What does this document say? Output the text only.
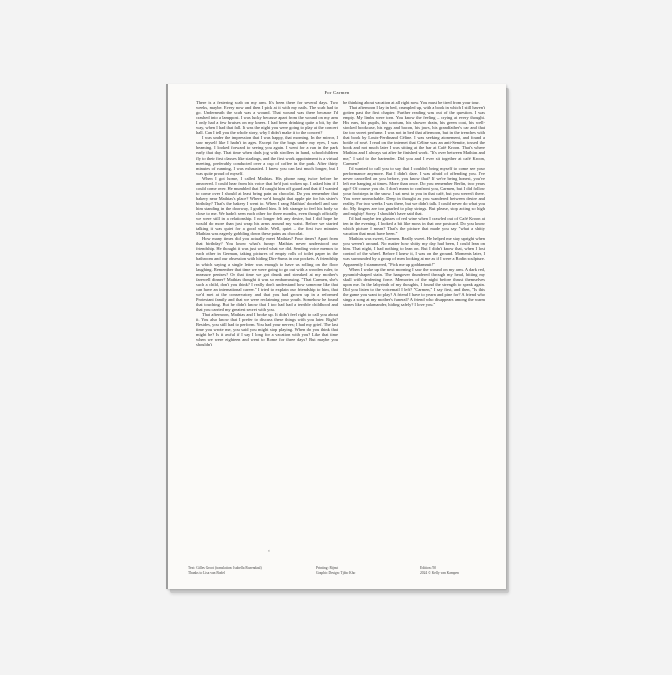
For Carmen

There is a festering scab on my arm. It's been there for several days. Two weeks, maybe. Every now and then I pick at it with my nails. The scab had to go. Underneath the scab was a wound. That wound was there because I'd crashed into a lamppost. I was lucky because apart from the wound on my arm I only had a few bruises on my knees. I had been drinking quite a bit, by the way, when I had that fall. It was the night you were going to play at the concert hall. Can I tell you the whole story, why I didn't make it to the concert?

I was under the impression that I was happy, that morning. In the mirror, I saw myself like I hadn't in ages. Except for the bags under my eyes, I was beaming. I looked forward to seeing you again. I went for a run in the park early that day. That time when dads jog with strollers in hand, schoolchildren fly to their first classes like starlings, and the first work appointment is a virtual meeting, preferably conducted over a cup of coffee in the park. After thirty minutes of running, I was exhausted. I knew you can last much longer, but I was quite proud of myself.

When I got home, I called Mathias. His phone rang twice before he answered. I could hear from his voice that he'd just woken up. I asked him if I could come over. He mumbled that I'd caught him off guard and that if I wanted to come over I should at least bring pain au chocolat. Do you remember that bakery near Mathias's place? Where we'd bought that apple pie for his sister's birthday? That's the bakery I went to. When I rang Mathias' doorbell and saw him standing in the doorway, I grabbed him. It felt strange to feel his body so close to me. We hadn't seen each other for three months, even though officially we were still in a relationship. I no longer felt any desire, but I did hope he would do more than just wrap his arms around my waist. Before we started talking it was quiet for a good while. Well, quiet – the first two minutes Mathias was eagerly gobbling down these pains au chocolat.

How many times did you actually meet Mathias? Four times? Apart from that birthday? You know what's funny: Mathias never understood our friendship. He thought it was just weird what we did. Sending voice memos to each other in German, taking pictures of empty rolls of toilet paper in the bathroom and our obsession with hiding Dirr-Sums in our pockets. A friendship in which saying a single letter was enough to have us rolling on the floor laughing. Remember that time we were going to go out with a wooden ruler, to measure penises? Or that time we got drunk and streaked at my mother's farewell dinner? Mathias thought it was so embarrassing. "That Carmen, she's such a child, don't you think? I really don't understand how someone like that can have an international career." I tried to explain our friendship to him, that we'd met at the conservatory and that you had grown up in a reformed Protestant family and that we were reclaiming your youth. Somehow he found that touching. But he didn't know that I too had had a terrible childhood and that you carried my greatest secret with you.

That afternoon, Mathias and I broke up. It didn't feel right to call you about it. You also know that I prefer to discuss these things with you later. Right? Besides, you still had to perform. You had your nerves; I had my grief. The last time you wrote me, you said you might stop playing. When do you think that might be? Is it awful if I say I long for a vacation with you? Like that time when we were eighteen and went to Rome for three days? But maybe you shouldn't

be thinking about vacation at all right now. You must be tired from your tour.

That afternoon I lay in bed, crumpled up, with a book in which I still haven't gotten past the first chapter. Further reading was out of the question. I was empty. My limbs were torn. You know the feeling – crying at every thought. His ears, his pupils, his scrotum, his shower drain, his green coat, his well-stocked bookcase, his eggs and bacon, his jaws, his grandfather's car and that far too sweet perfume. I was not in bed that afternoon, but in the trenches with that book by Louis-Ferdinand Céline. I was seeking atonement, and found a bottle of rosé. I read on the internet that Céline was an anti-Semite, tossed the book and not much later I was sitting at the bar at Café Kroon. That's where Mathias and I always sat after he finished work. "It's over between Mathias and me," I said to the bartender. Did you and I ever sit together at café Kroon, Carmen?

I'd wanted to call you to say that I couldn't bring myself to come see your performance anymore. But I didn't dare. I was afraid of offending you. I've never cancelled on you before, you know that? If we're being honest, you've left me hanging at times. More than once. Do you remember Berlin, two years ago? Of course you do. I don't mean to confront you, Carmen, but I did follow your footsteps in the snow. I sat next to you in that café, but you weren't there. You were unreachable. Deep in thought as you wandered between desire and reality. For two weeks I was there, but we didn't talk. I could never do what you do. My fingers are too gnarled to play strings. But please, stop acting so high and mighty! Sorry. I shouldn't have said that.

I'd had maybe ten glasses of red wine when I crawled out of Café Kroon at ten in the evening. I looked a bit like moss in that one postcard. Do you know which picture I mean? That's the picture that made you say "what a shitty vacation that must have been."

Mathias was sweet, Carmen. Really sweet. He helped me stay upright when you weren't around. No matter how shitty my day had been, I could lean on him. That night, I had nothing to lean on. But I didn't know that, when I lost control of the wheel. Before I knew it, I was on the ground. Moments later, I was surrounded by a group of men looking at me as if I were a Rodin sculpture. Apparently I stammered, "Pick me up goddammit!"

When I woke up the next morning I saw the wound on my arm. A dark red, pyramid-shaped stain. The hangover thundered through my head, hitting my skull with deafening force. Memories of the night before thrust themselves upon me. In the labyrinth of my thoughts, I found the strength to speak again. Did you listen to the voicemail I left? "Carmen," I say first, and then, "Is this the game you want to play? A friend I have to yearn and pine for? A friend who sings a song at my mother's funeral? A friend who disappears among the warm stones like a salamander, hiding safely? I love you."

ʻ
Text: Gilles Groot (translation: Isabella Rozendaal)
Thanks to Lisa van Bodel
Printing: Rijnst
Graphic Design: Tjibo Kho
Edition /50
2024 © Kelly van Kampen
